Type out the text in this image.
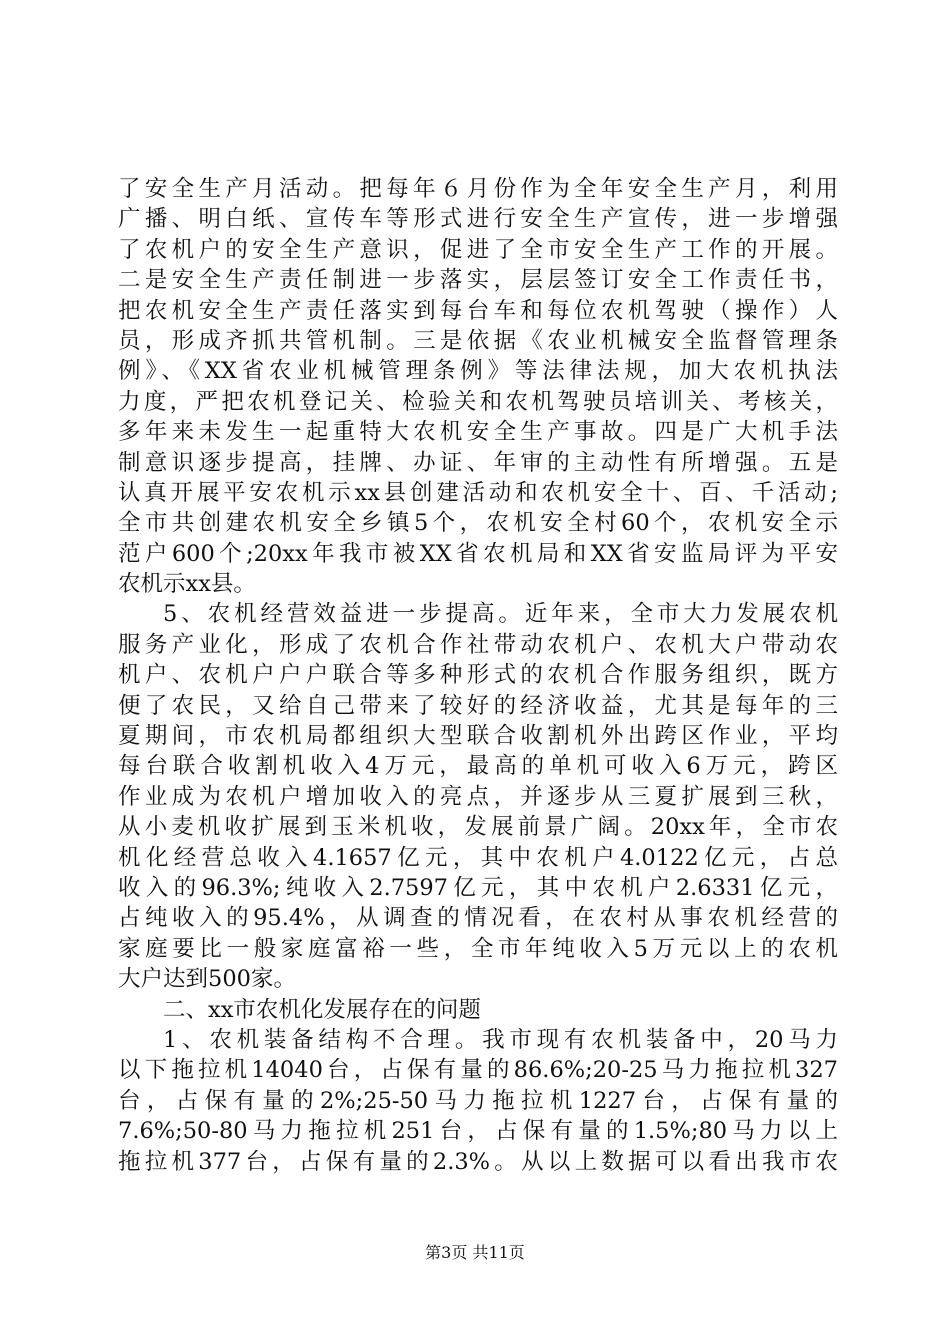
了安全生产月活动。把每年６月份作为全年安全生产月，利用
广播、明白纸、宣传车等形式进行安全生产宣传，进一步增强
了农机户的安全生产意识，促进了全市安全生产工作的开展。
二是安全生产责任制进一步落实，层层签订安全工作责任书，
把农机安全生产责任落实到每台车和每位农机驾驶（操作）人
员，形成齐抓共管机制。三是依据《农业机械安全监督管理条
例》、《XX省农业机械管理条例》等法律法规，加大农机执法
力度，严把农机登记关、检验关和农机驾驶员培训关、考核关，
多年来未发生一起重特大农机安全生产事故。四是广大机手法
制意识逐步提高，挂牌、办证、年审的主动性有所增强。五是
认真开展平安农机示xx县创建活动和农机安全十、百、千活动;
全市共创建农机安全乡镇5个，农机安全村60个，农机安全示
范户600个;20xx年我市被XX省农机局和XX省安监局评为平安
农机示xx县。
5、农机经营效益进一步提高。近年来，全市大力发展农机
服务产业化，形成了农机合作社带动农机户、农机大户带动农
机户、农机户户户联合等多种形式的农机合作服务组织，既方
便了农民，又给自己带来了较好的经济收益，尤其是每年的三
夏期间，市农机局都组织大型联合收割机外出跨区作业，平均
每台联合收割机收入4万元，最高的单机可收入6万元，跨区
作业成为农机户增加收入的亮点，并逐步从三夏扩展到三秋，
从小麦机收扩展到玉米机收，发展前景广阔。20xx年，全市农
机化经营总收入4.1657亿元，其中农机户4.0122亿元，占总
收入的96.3%;纯收入2.7597亿元，其中农机户2.6331亿元，
占纯收入的95.4%，从调查的情况看，在农村从事农机经营的
家庭要比一般家庭富裕一些，全市年纯收入5万元以上的农机
大户达到500家。
二、xx市农机化发展存在的问题
1、农机装备结构不合理。我市现有农机装备中，20马力
以下拖拉机14040台，占保有量的86.6%;20-25马力拖拉机327
台，占保有量的2%;25-50马力拖拉机1227台，占保有量的
7.6%;50-80马力拖拉机251台，占保有量的1.5%;80马力以上
拖拉机377台，占保有量的2.3%。从以上数据可以看出我市农
第3页 共11页
